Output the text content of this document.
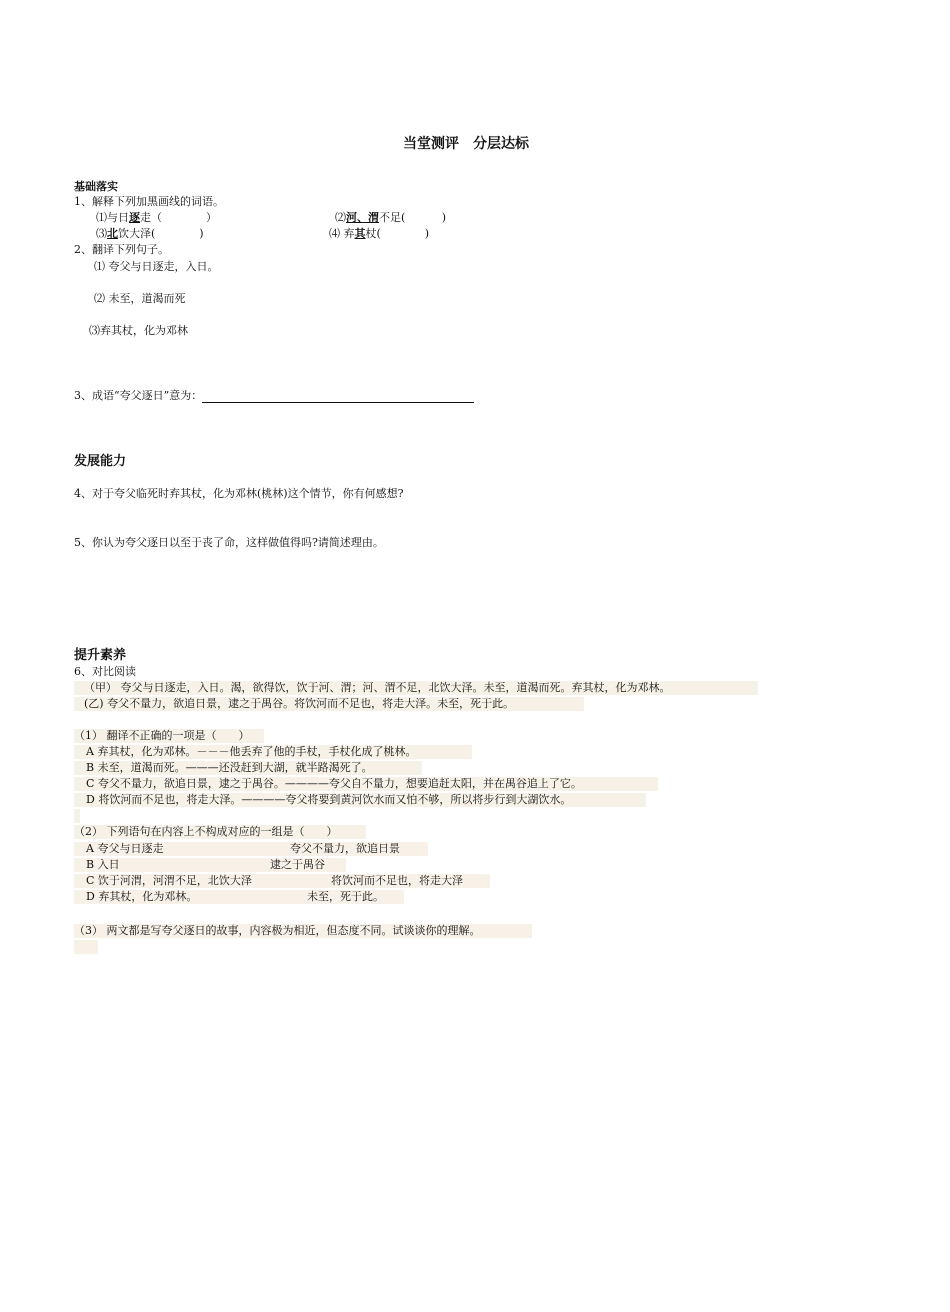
当堂测评　分层达标
基础落实
1、解释下列加黑画线的词语。
⑴与日逐走（　　　　）	⑵河、渭不足(　　　 )
⑶北饮大泽(　　　　)	⑷ 弃其杖(　　　　)
2、翻译下列句子。
⑴ 夸父与日逐走，入日。
⑵ 未至，道渴而死
⑶弃其杖，化为邓林
3、成语“夸父逐日”意为：
发展能力
4、对于夸父临死时弃其杖，化为邓林(桃林)这个情节，你有何感想?
5、你认为夸父逐日以至于丧了命，这样做值得吗?请简述理由。
提升素养
6、对比阅读
（甲） 夸父与日逐走，入日。渴，欲得饮，饮于河、渭；河、渭不足，北饮大泽。未至，道渴而死。弃其杖，化为邓林。
(乙) 夸父不量力，欲追日景，逮之于禺谷。将饮河而不足也，将走大泽。未至，死于此。
（1） 翻译不正确的一项是（　　）
A 弃其杖，化为邓林。－－－他丢弃了他的手杖，手杖化成了桃林。
B 未至，道渴而死。———还没赶到大湖，就半路渴死了。
C 夸父不量力，欲追日景，逮之于禺谷。————夸父自不量力，想要追赶太阳，并在禺谷追上了它。
D 将饮河而不足也，将走大泽。————夸父将要到黄河饮水而又怕不够，所以将步行到大湖饮水。
（2） 下列语句在内容上不构成对应的一组是（　　）
A 夸父与日逐走	夸父不量力，欲追日景
B 入日	逮之于禺谷
C 饮于河渭，河渭不足，北饮大泽	将饮河而不足也，将走大泽
D 弃其杖，化为邓林。	未至，死于此。
（3） 两文都是写夸父逐日的故事，内容极为相近，但态度不同。试谈谈你的理解。
